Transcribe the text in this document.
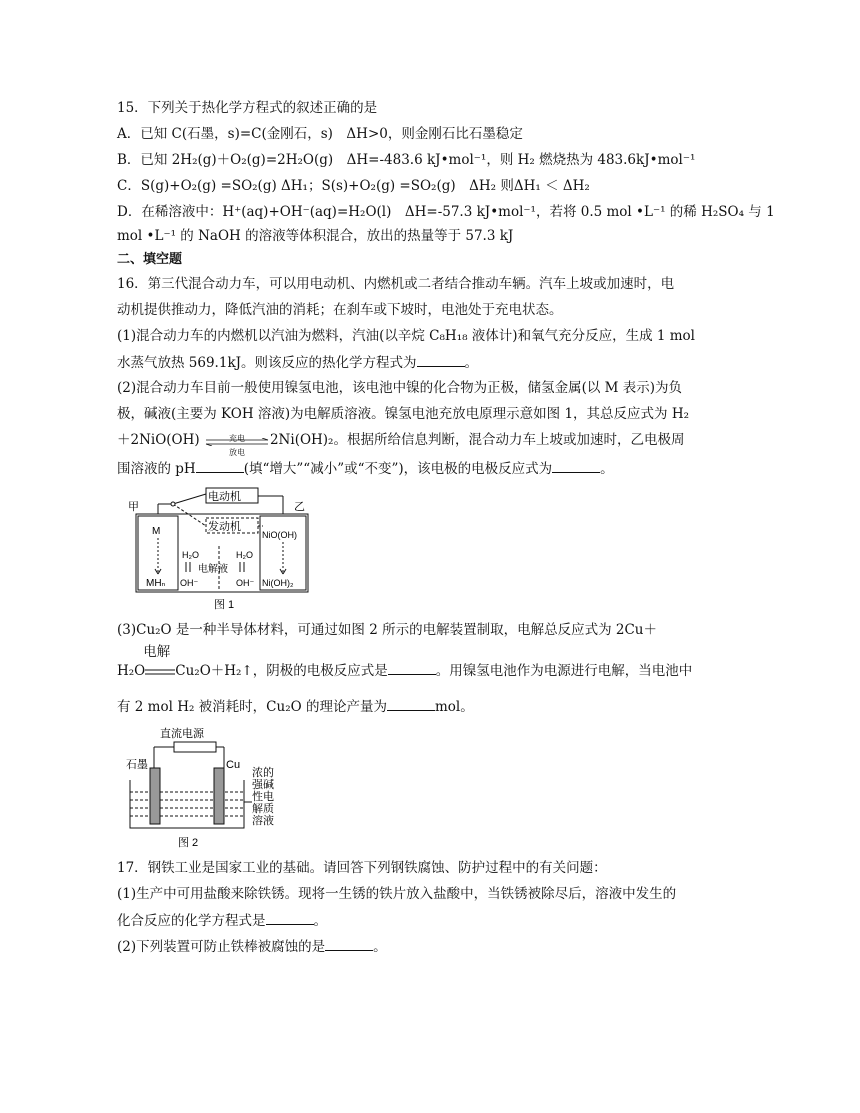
15．下列关于热化学方程式的叙述正确的是
A．已知 C(石墨，s)=C(金刚石，s)　ΔH>0，则金刚石比石墨稳定
B．已知 2H₂(g)＋O₂(g)=2H₂O(g)　ΔH=-483.6 kJ•mol⁻¹，则 H₂ 燃烧热为 483.6kJ•mol⁻¹
C．S(g)+O₂(g) =SO₂(g) ΔH₁；S(s)+O₂(g) =SO₂(g)　ΔH₂ 则ΔH₁ ＜ ΔH₂
D．在稀溶液中：H⁺(aq)+OH⁻(aq)=H₂O(l)　ΔH=-57.3 kJ•mol⁻¹，若将 0.5 mol •L⁻¹ 的稀 H₂SO₄ 与 1
mol •L⁻¹ 的 NaOH 的溶液等体积混合，放出的热量等于 57.3 kJ
二、填空题
16．第三代混合动力车，可以用电动机、内燃机或二者结合推动车辆。汽车上坡或加速时，电
动机提供推动力，降低汽油的消耗；在刹车或下坡时，电池处于充电状态。
(1)混合动力车的内燃机以汽油为燃料，汽油(以辛烷 C₈H₁₈ 液体计)和氧气充分反应，生成 1 mol
水蒸气放热 569.1kJ。则该反应的热化学方程式为	。
(2)混合动力车目前一般使用镍氢电池，该电池中镍的化合物为正极，储氢金属(以 M 表示)为负
极，碱液(主要为 KOH 溶液)为电解质溶液。镍氢电池充放电原理示意如图 1，其总反应式为 H₂
＋2NiO(OH)	充电
放电
2Ni(OH)₂。根据所给信息判断，混合动力车上坡或加速时，乙电极周
围溶液的 pH	(填“增大”“减小”或“不变”)，该电极的电极反应式为	。
甲	乙
电动机
发动机
M
MHₙ
H₂O	H₂O
电解液
OH⁻	OH⁻
NiO(OH)
Ni(OH)₂
图 1
(3)Cu₂O 是一种半导体材料，可通过如图 2 所示的电解装置制取，电解总反应式为 2Cu＋
H₂O
电解
Cu₂O＋H₂↑，阴极的电极反应式是	。用镍氢电池作为电源进行电解，当电池中
有 2 mol H₂ 被消耗时，Cu₂O 的理论产量为	mol。
直流电源
石墨	Cu
浓的
强碱
性电
解质
溶液
图 2
17．钢铁工业是国家工业的基础。请回答下列钢铁腐蚀、防护过程中的有关问题：
(1)生产中可用盐酸来除铁锈。现将一生锈的铁片放入盐酸中，当铁锈被除尽后，溶液中发生的
化合反应的化学方程式是	。
(2)下列装置可防止铁棒被腐蚀的是	。
